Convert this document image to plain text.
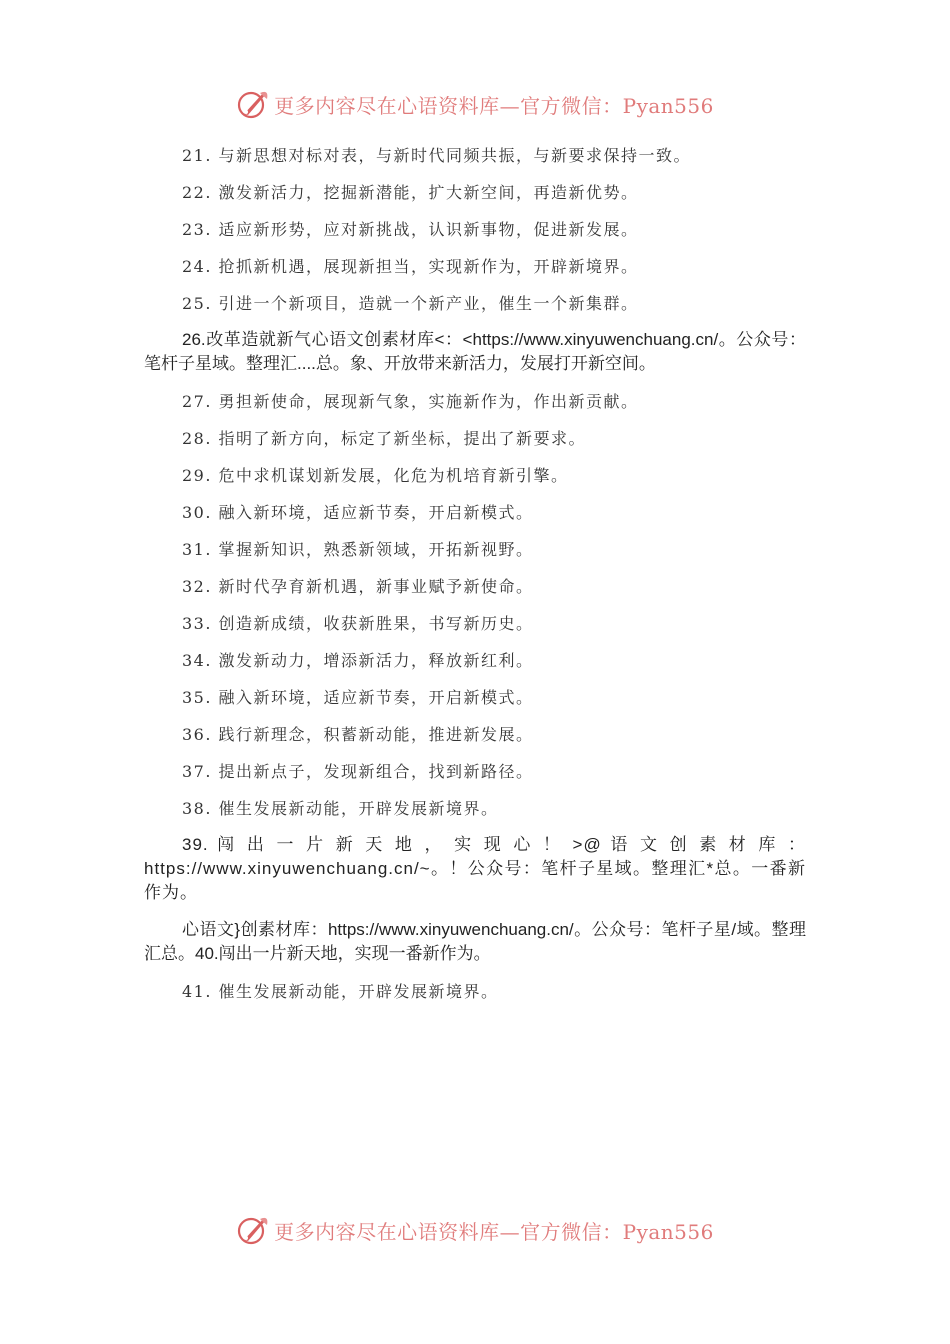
更多内容尽在心语资料库—官方微信：Pyan556

21. 与新思想对标对表，与新时代同频共振，与新要求保持一致。

22. 激发新活力，挖掘新潜能，扩大新空间，再造新优势。

23. 适应新形势，应对新挑战，认识新事物，促进新发展。

24. 抢抓新机遇，展现新担当，实现新作为，开辟新境界。

25. 引进一个新项目，造就一个新产业，催生一个新集群。

26.改革造就新气心语文创素材库<：<https://www.xinyuwenchuang.cn/。公众号：笔杆子星域。整理汇....总。象、开放带来新活力，发展打开新空间。

27. 勇担新使命，展现新气象，实施新作为，作出新贡献。

28. 指明了新方向，标定了新坐标，提出了新要求。

29. 危中求机谋划新发展，化危为机培育新引擎。

30. 融入新环境，适应新节奏，开启新模式。

31. 掌握新知识，熟悉新领域，开拓新视野。

32. 新时代孕育新机遇，新事业赋予新使命。

33. 创造新成绩，收获新胜果，书写新历史。

34. 激发新动力，增添新活力，释放新红利。

35. 融入新环境，适应新节奏，开启新模式。

36. 践行新理念，积蓄新动能，推进新发展。

37. 提出新点子，发现新组合，找到新路径。

38. 催生发展新动能，开辟发展新境界。

39. 闯 出 一 片 新 天 地 ， 实 现 心 ！ >@ 语 文 创 素 材 库 ： https://www.xinyuwenchuang.cn/~。！公众号：笔杆子星域。整理汇*总。一番新作为。

心语文}创素材库：https://www.xinyuwenchuang.cn/。公众号：笔杆子星/域。整理汇总。40.闯出一片新天地，实现一番新作为。

41. 催生发展新动能，开辟发展新境界。

更多内容尽在心语资料库—官方微信：Pyan556
